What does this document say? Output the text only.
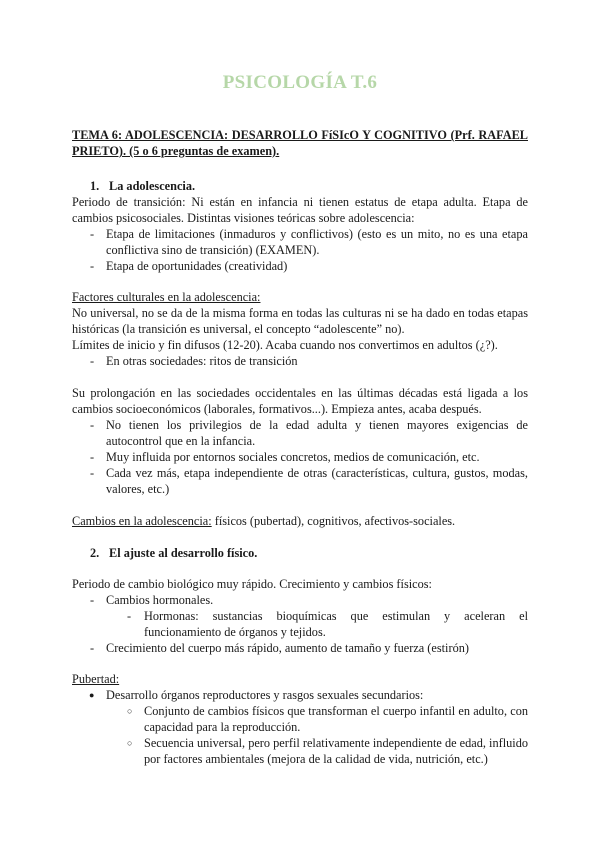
PSICOLOGÍA T.6
TEMA 6: ADOLESCENCIA: DESARROLLO FíSIcO Y COGNITIVO (Prf. RAFAEL PRIETO). (5 o 6 preguntas de examen).
1. La adolescencia.

Periodo de transición: Ni están en infancia ni tienen estatus de etapa adulta. Etapa de cambios psicosociales. Distintas visiones teóricas sobre adolescencia:

- Etapa de limitaciones (inmaduros y conflictivos) (esto es un mito, no es una etapa conflictiva sino de transición) (EXAMEN).

- Etapa de oportunidades (creatividad)

Factores culturales en la adolescencia:

No universal, no se da de la misma forma en todas las culturas ni se ha dado en todas etapas históricas (la transición es universal, el concepto “adolescente” no).

Límites de inicio y fin difusos (12-20). Acaba cuando nos convertimos en adultos (¿?).

- En otras sociedades: ritos de transición

Su prolongación en las sociedades occidentales en las últimas décadas está ligada a los cambios socioeconómicos (laborales, formativos...). Empieza antes, acaba después.

- No tienen los privilegios de la edad adulta y tienen mayores exigencias de autocontrol que en la infancia.

- Muy influida por entornos sociales concretos, medios de comunicación, etc.

- Cada vez más, etapa independiente de otras (características, cultura, gustos, modas, valores, etc.)

Cambios en la adolescencia: físicos (pubertad), cognitivos, afectivos-sociales.
2. El ajuste al desarrollo físico.

Periodo de cambio biológico muy rápido. Crecimiento y cambios físicos:

- Cambios hormonales.

- Hormonas: sustancias bioquímicas que estimulan y aceleran el funcionamiento de órganos y tejidos.

- Crecimiento del cuerpo más rápido, aumento de tamaño y fuerza (estirón)

Pubertad:

● Desarrollo órganos reproductores y rasgos sexuales secundarios:

○ Conjunto de cambios físicos que transforman el cuerpo infantil en adulto, con capacidad para la reproducción.

○ Secuencia universal, pero perfil relativamente independiente de edad, influido por factores ambientales (mejora de la calidad de vida, nutrición, etc.)
